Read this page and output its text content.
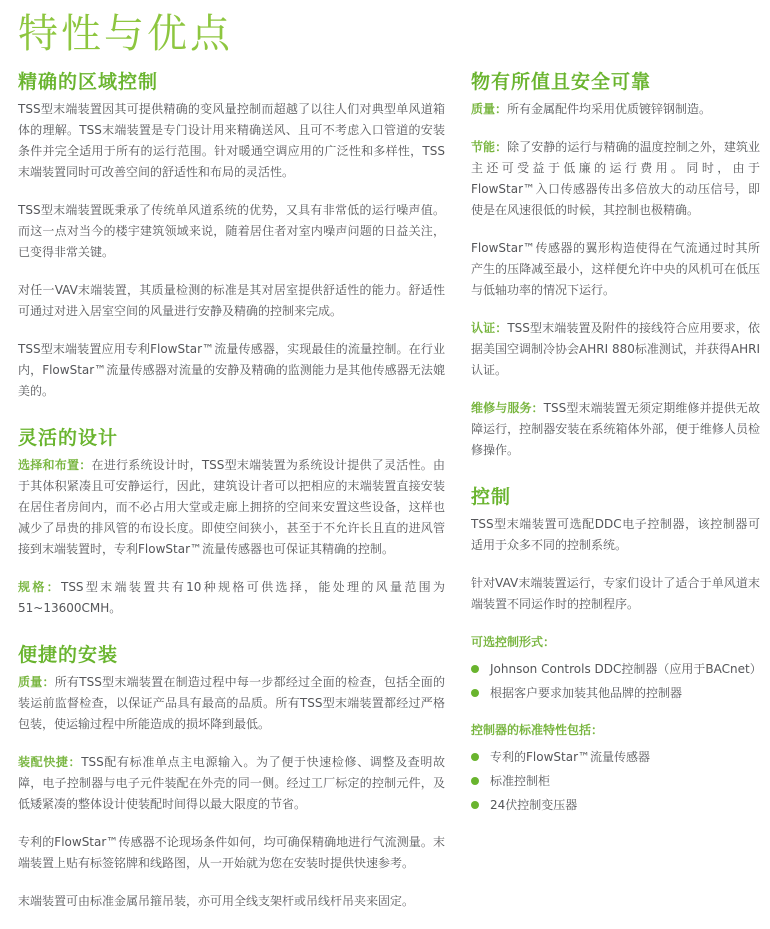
特性与优点
精确的区域控制

TSS型末端装置因其可提供精确的变风量控制而超越了以往人们对典型单风道箱体的理解。TSS末端装置是专门设计用来精确送风、且可不考虑入口管道的安装条件并完全适用于所有的运行范围。针对暖通空调应用的广泛性和多样性，TSS末端装置同时可改善空间的舒适性和布局的灵活性。

TSS型末端装置既秉承了传统单风道系统的优势，又具有非常低的运行噪声值。而这一点对当今的楼宇建筑领域来说，随着居住者对室内噪声问题的日益关注，已变得非常关键。

对任一VAV末端装置，其质量检测的标准是其对居室提供舒适性的能力。舒适性可通过对进入居室空间的风量进行安静及精确的控制来完成。

TSS型末端装置应用专利FlowStar™流量传感器，实现最佳的流量控制。在行业内，FlowStar™流量传感器对流量的安静及精确的监测能力是其他传感器无法媲美的。

灵活的设计

选择和布置：在进行系统设计时，TSS型末端装置为系统设计提供了灵活性。由于其体积紧凑且可安静运行，因此，建筑设计者可以把相应的末端装置直接安装在居住者房间内，而不必占用大堂或走廊上拥挤的空间来安置这些设备，这样也减少了昂贵的排风管的布设长度。即使空间狭小，甚至于不允许长且直的进风管接到末端装置时，专利FlowStar™流量传感器也可保证其精确的控制。

规格：TSS型末端装置共有10种规格可供选择，能处理的风量范围为51~13600CMH。

便捷的安装

质量：所有TSS型末端装置在制造过程中每一步都经过全面的检查，包括全面的装运前监督检查，以保证产品具有最高的品质。所有TSS型末端装置都经过严格包装，使运输过程中所能造成的损坏降到最低。

装配快捷：TSS配有标准单点主电源输入。为了便于快速检修、调整及查明故障，电子控制器与电子元件装配在外壳的同一侧。经过工厂标定的控制元件，及低矮紧凑的整体设计使装配时间得以最大限度的节省。

专利的FlowStar™传感器不论现场条件如何，均可确保精确地进行气流测量。末端装置上贴有标签铭牌和线路图，从一开始就为您在安装时提供快速参考。

末端装置可由标准金属吊箍吊装，亦可用全线支架杆或吊线杆吊夹来固定。

物有所值且安全可靠

质量：所有金属配件均采用优质镀锌钢制造。

节能：除了安静的运行与精确的温度控制之外，建筑业主还可受益于低廉的运行费用。同时，由于FlowStar™入口传感器传出多倍放大的动压信号，即使是在风速很低的时候，其控制也极精确。

FlowStar™传感器的翼形构造使得在气流通过时其所产生的压降减至最小，这样便允许中央的风机可在低压与低轴功率的情况下运行。

认证：TSS型末端装置及附件的接线符合应用要求，依据美国空调制冷协会AHRI 880标准测试，并获得AHRI认证。

维修与服务：TSS型末端装置无须定期维修并提供无故障运行，控制器安装在系统箱体外部，便于维修人员检修操作。

控制

TSS型末端装置可选配DDC电子控制器，该控制器可适用于众多不同的控制系统。

针对VAV末端装置运行，专家们设计了适合于单风道末端装置不同运作时的控制程序。

可选控制形式：

Johnson Controls DDC控制器（应用于BACnet）
根据客户要求加装其他品牌的控制器

控制器的标准特性包括：

专利的FlowStar™流量传感器
标准控制柜
24伏控制变压器
